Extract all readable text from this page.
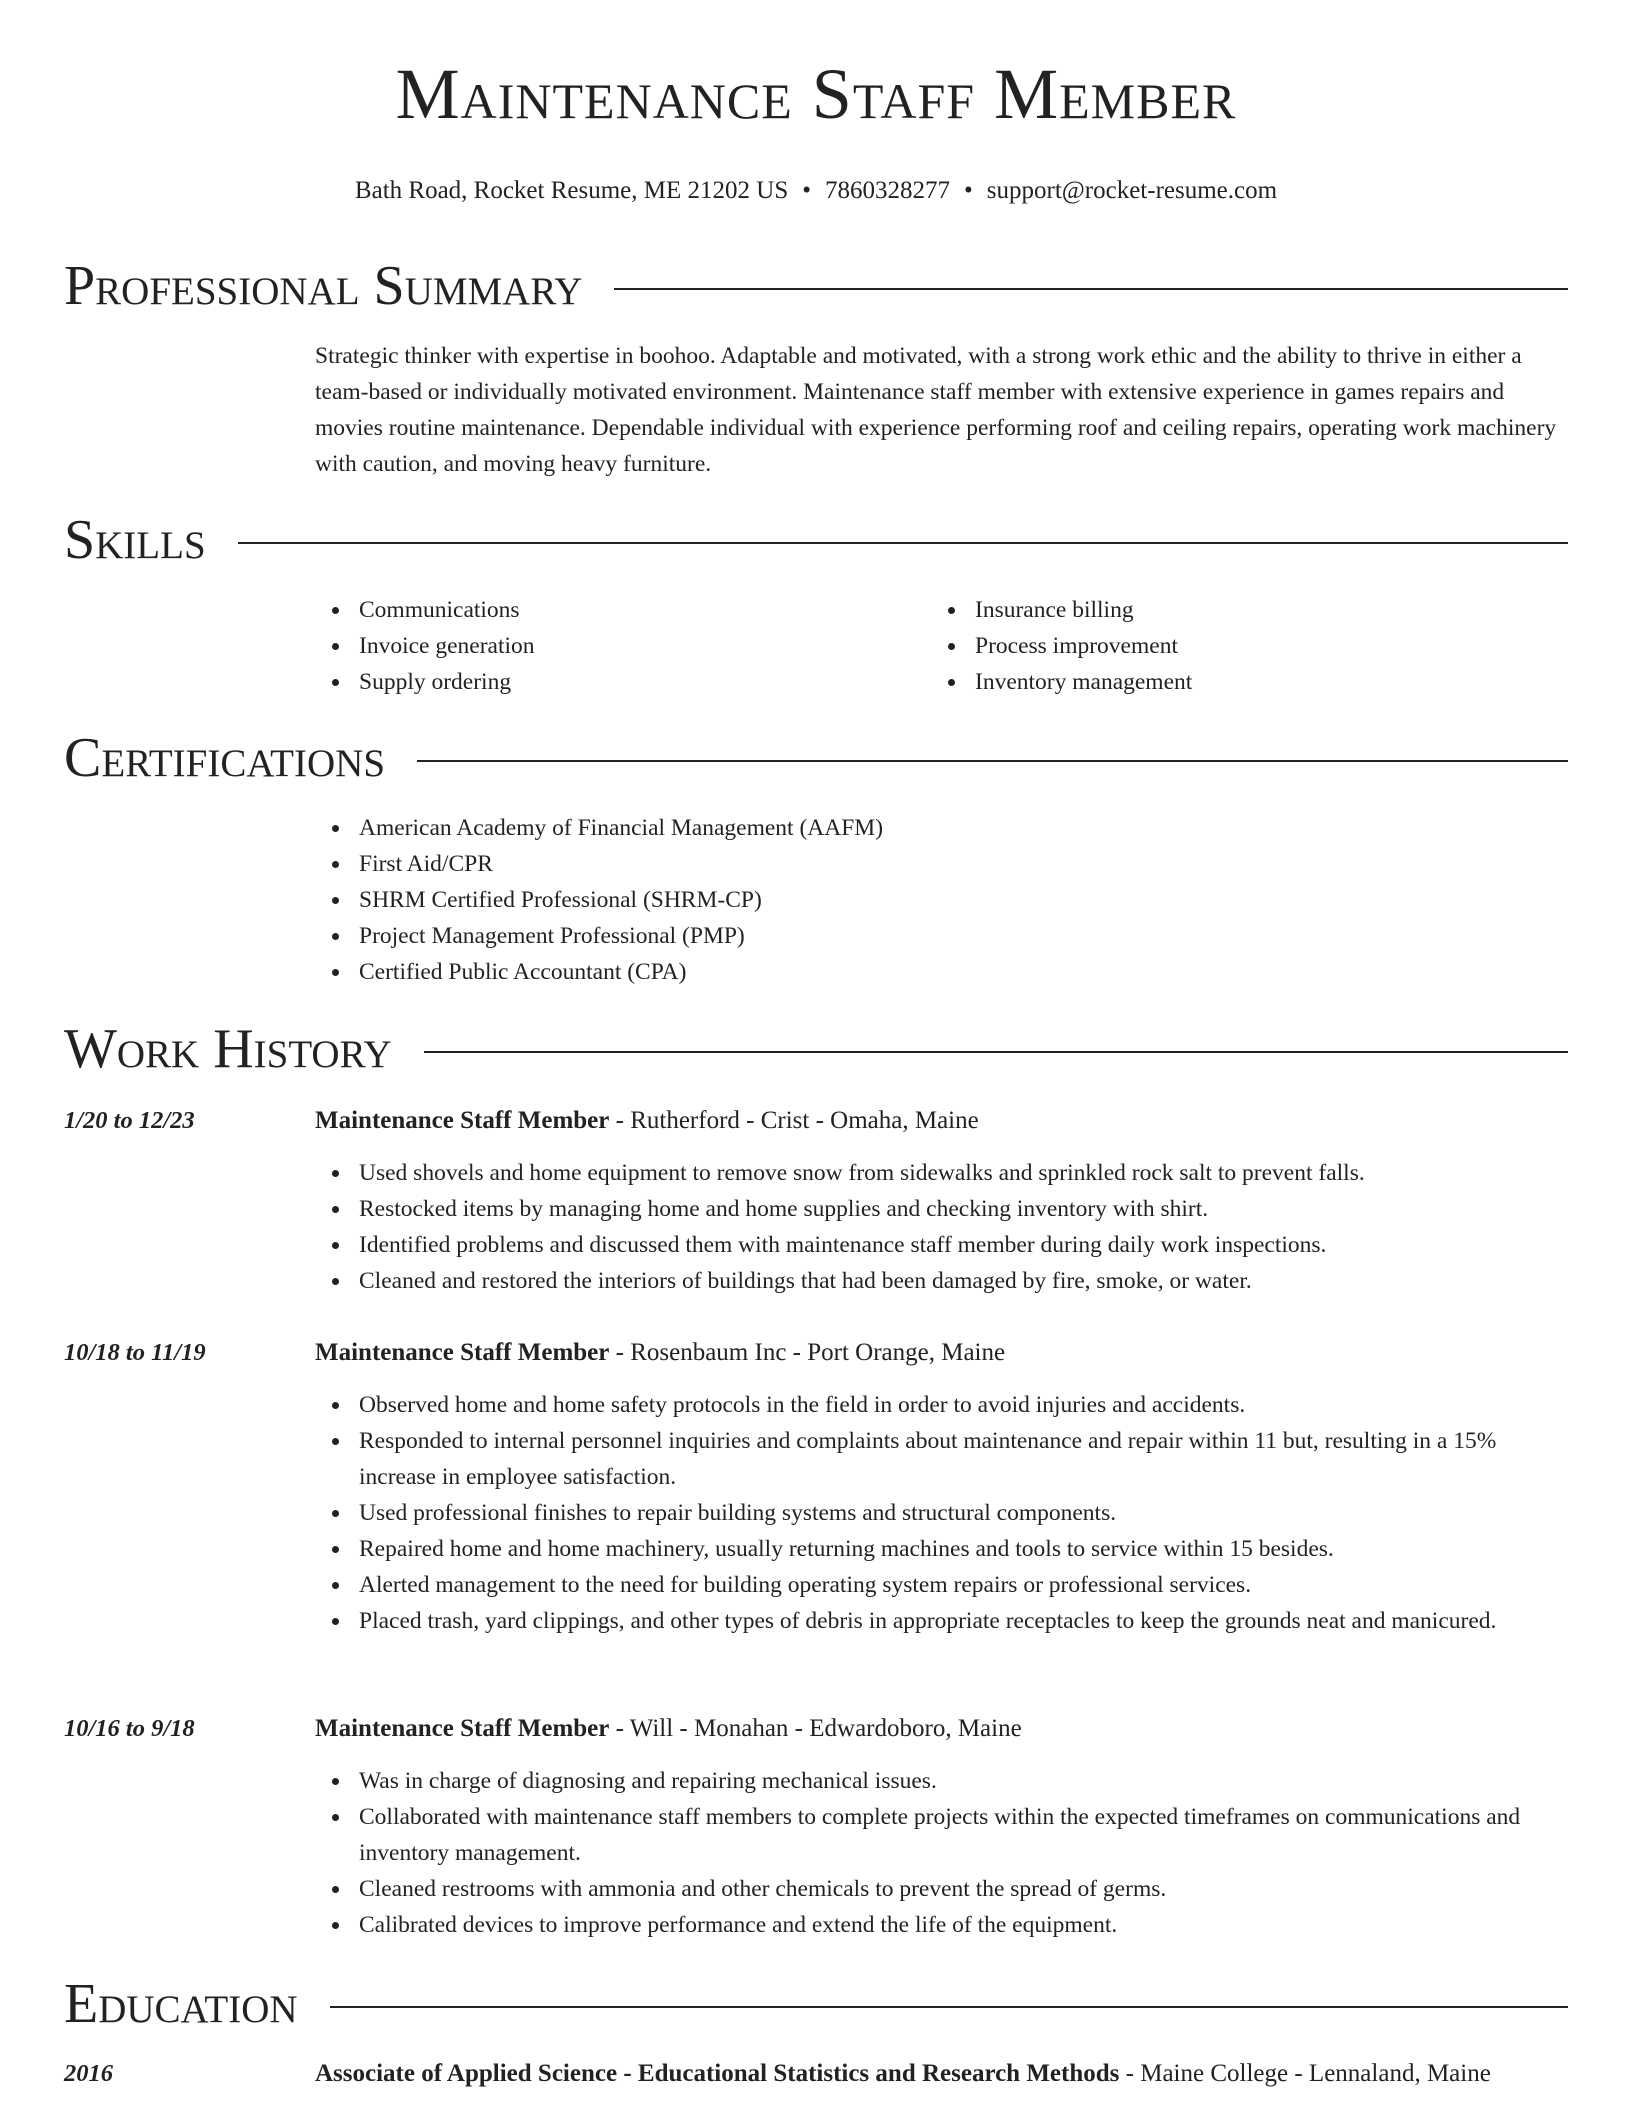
Maintenance Staff Member
Bath Road, Rocket Resume, ME 21202 US • 7860328277 • support@rocket-resume.com
Professional Summary

Strategic thinker with expertise in boohoo. Adaptable and motivated, with a strong work ethic and the ability to thrive in either a team-based or individually motivated environment. Maintenance staff member with extensive experience in games repairs and movies routine maintenance. Dependable individual with experience performing roof and ceiling repairs, operating work machinery with caution, and moving heavy furniture.

Skills
Communications
Invoice generation
Supply ordering
Insurance billing
Process improvement
Inventory management
Certifications
American Academy of Financial Management (AAFM)
First Aid/CPR
SHRM Certified Professional (SHRM-CP)
Project Management Professional (PMP)
Certified Public Accountant (CPA)
Work History
1/20 to 12/23	Maintenance Staff Member - Rutherford - Crist - Omaha, Maine
Used shovels and home equipment to remove snow from sidewalks and sprinkled rock salt to prevent falls.
Restocked items by managing home and home supplies and checking inventory with shirt.
Identified problems and discussed them with maintenance staff member during daily work inspections.
Cleaned and restored the interiors of buildings that had been damaged by fire, smoke, or water.
10/18 to 11/19	Maintenance Staff Member - Rosenbaum Inc - Port Orange, Maine
Observed home and home safety protocols in the field in order to avoid injuries and accidents.
Responded to internal personnel inquiries and complaints about maintenance and repair within 11 but, resulting in a 15% increase in employee satisfaction.
Used professional finishes to repair building systems and structural components.
Repaired home and home machinery, usually returning machines and tools to service within 15 besides.
Alerted management to the need for building operating system repairs or professional services.
Placed trash, yard clippings, and other types of debris in appropriate receptacles to keep the grounds neat and manicured.
10/16 to 9/18	Maintenance Staff Member - Will - Monahan - Edwardoboro, Maine
Was in charge of diagnosing and repairing mechanical issues.
Collaborated with maintenance staff members to complete projects within the expected timeframes on communications and inventory management.
Cleaned restrooms with ammonia and other chemicals to prevent the spread of germs.
Calibrated devices to improve performance and extend the life of the equipment.
Education
2016	Associate of Applied Science - Educational Statistics and Research Methods - Maine College - Lennaland, Maine
